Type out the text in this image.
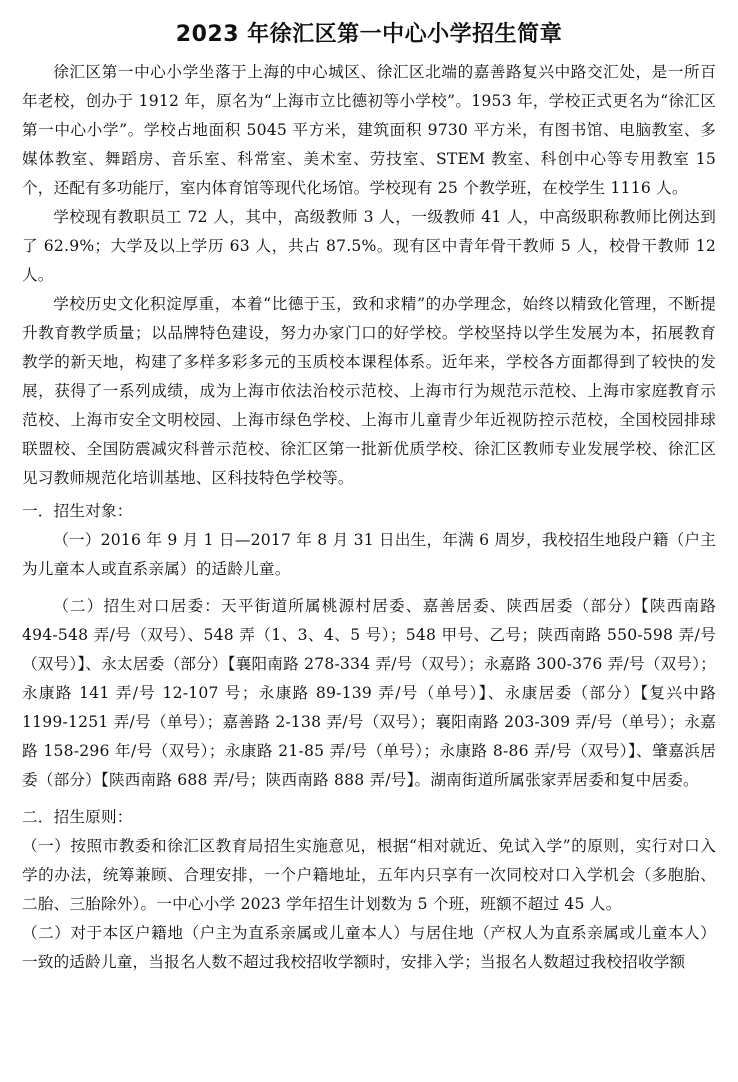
2023 年徐汇区第一中心小学招生简章

徐汇区第一中心小学坐落于上海的中心城区、徐汇区北端的嘉善路复兴中路交汇处，是一所百年老校，创办于 1912 年，原名为“上海市立比德初等小学校”。1953 年，学校正式更名为“徐汇区第一中心小学”。学校占地面积 5045 平方米，建筑面积 9730 平方米，有图书馆、电脑教室、多媒体教室、舞蹈房、音乐室、科常室、美术室、劳技室、STEM 教室、科创中心等专用教室 15 个，还配有多功能厅，室内体育馆等现代化场馆。学校现有 25 个教学班，在校学生 1116 人。

学校现有教职员工 72 人，其中，高级教师 3 人，一级教师 41 人，中高级职称教师比例达到了 62.9%；大学及以上学历 63 人，共占 87.5%。现有区中青年骨干教师 5 人，校骨干教师 12 人。

学校历史文化积淀厚重，本着“比德于玉，致和求精”的办学理念，始终以精致化管理，不断提升教育教学质量；以品牌特色建设，努力办家门口的好学校。学校坚持以学生发展为本，拓展教育教学的新天地，构建了多样多彩多元的玉质校本课程体系。近年来，学校各方面都得到了较快的发展，获得了一系列成绩，成为上海市依法治校示范校、上海市行为规范示范校、上海市家庭教育示范校、上海市安全文明校园、上海市绿色学校、上海市儿童青少年近视防控示范校，全国校园排球联盟校、全国防震减灾科普示范校、徐汇区第一批新优质学校、徐汇区教师专业发展学校、徐汇区见习教师规范化培训基地、区科技特色学校等。

一．招生对象：

（一）2016 年 9 月 1 日—2017 年 8 月 31 日出生，年满 6 周岁，我校招生地段户籍（户主为儿童本人或直系亲属）的适龄儿童。

（二）招生对口居委：天平街道所属桃源村居委、嘉善居委、陕西居委（部分）【陕西南路 494-548 弄/号（双号）、548 弄（1、3、4、5 号）；548 甲号、乙号；陕西南路 550-598 弄/号（双号）】、永太居委（部分）【襄阳南路 278-334 弄/号（双号）；永嘉路 300-376 弄/号（双号）；永康路 141 弄/号 12-107 号；永康路 89-139 弄/号（单号）】、永康居委（部分）【复兴中路 1199-1251 弄/号（单号）；嘉善路 2-138 弄/号（双号）；襄阳南路 203-309 弄/号（单号）；永嘉路 158-296 年/号（双号）；永康路 21-85 弄/号（单号）；永康路 8-86 弄/号（双号）】、肇嘉浜居委（部分）【陕西南路 688 弄/号；陕西南路 888 弄/号】。湖南街道所属张家弄居委和复中居委。

二．招生原则：

（一）按照市教委和徐汇区教育局招生实施意见，根据“相对就近、免试入学”的原则，实行对口入学的办法，统筹兼顾、合理安排，一个户籍地址，五年内只享有一次同校对口入学机会（多胞胎、二胎、三胎除外）。一中心小学 2023 学年招生计划数为 5 个班，班额不超过 45 人。

（二）对于本区户籍地（户主为直系亲属或儿童本人）与居住地（产权人为直系亲属或儿童本人）一致的适龄儿童，当报名人数不超过我校招收学额时，安排入学；当报名人数超过我校招收学额
